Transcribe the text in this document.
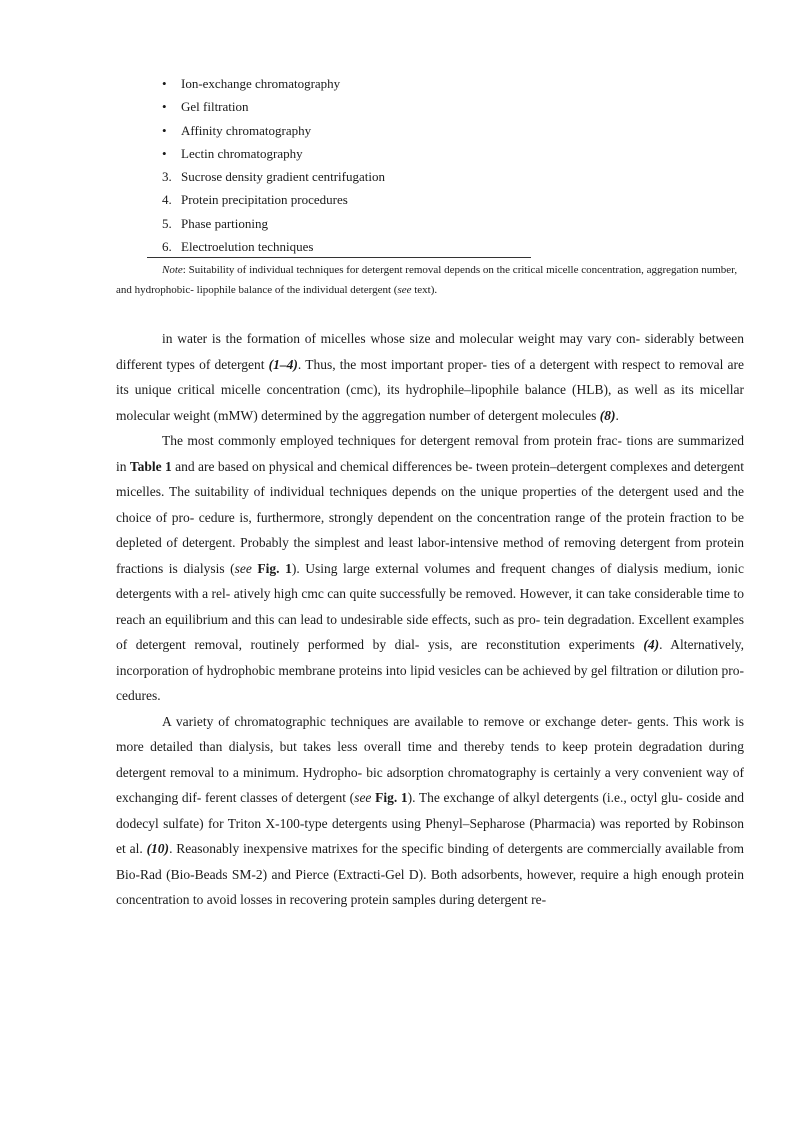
• Ion-exchange chromatography
• Gel filtration
• Affinity chromatography
• Lectin chromatography
3. Sucrose density gradient centrifugation
4. Protein precipitation procedures
5. Phase partioning
6. Electroelution techniques
Note: Suitability of individual techniques for detergent removal depends on the critical micelle concentration, aggregation number, and hydrophobic- lipophile balance of the individual detergent (see text).

in water is the formation of micelles whose size and molecular weight may vary con- siderably between different types of detergent (1–4). Thus, the most important proper- ties of a detergent with respect to removal are its unique critical micelle concentration (cmc), its hydrophile–lipophile balance (HLB), as well as its micellar molecular weight (mMW) determined by the aggregation number of detergent molecules (8).

The most commonly employed techniques for detergent removal from protein frac- tions are summarized in Table 1 and are based on physical and chemical differences be- tween protein–detergent complexes and detergent micelles. The suitability of individual techniques depends on the unique properties of the detergent used and the choice of pro- cedure is, furthermore, strongly dependent on the concentration range of the protein fraction to be depleted of detergent. Probably the simplest and least labor-intensive method of removing detergent from protein fractions is dialysis (see Fig. 1). Using large external volumes and frequent changes of dialysis medium, ionic detergents with a rel- atively high cmc can quite successfully be removed. However, it can take considerable time to reach an equilibrium and this can lead to undesirable side effects, such as pro- tein degradation. Excellent examples of detergent removal, routinely performed by dial- ysis, are reconstitution experiments (4). Alternatively, incorporation of hydrophobic membrane proteins into lipid vesicles can be achieved by gel filtration or dilution pro- cedures.

A variety of chromatographic techniques are available to remove or exchange deter- gents. This work is more detailed than dialysis, but takes less overall time and thereby tends to keep protein degradation during detergent removal to a minimum. Hydropho- bic adsorption chromatography is certainly a very convenient way of exchanging dif- ferent classes of detergent (see Fig. 1). The exchange of alkyl detergents (i.e., octyl glu- coside and dodecyl sulfate) for Triton X-100-type detergents using Phenyl–Sepharose (Pharmacia) was reported by Robinson et al. (10). Reasonably inexpensive matrixes for the specific binding of detergents are commercially available from Bio-Rad (Bio-Beads SM-2) and Pierce (Extracti-Gel D). Both adsorbents, however, require a high enough protein concentration to avoid losses in recovering protein samples during detergent re-
